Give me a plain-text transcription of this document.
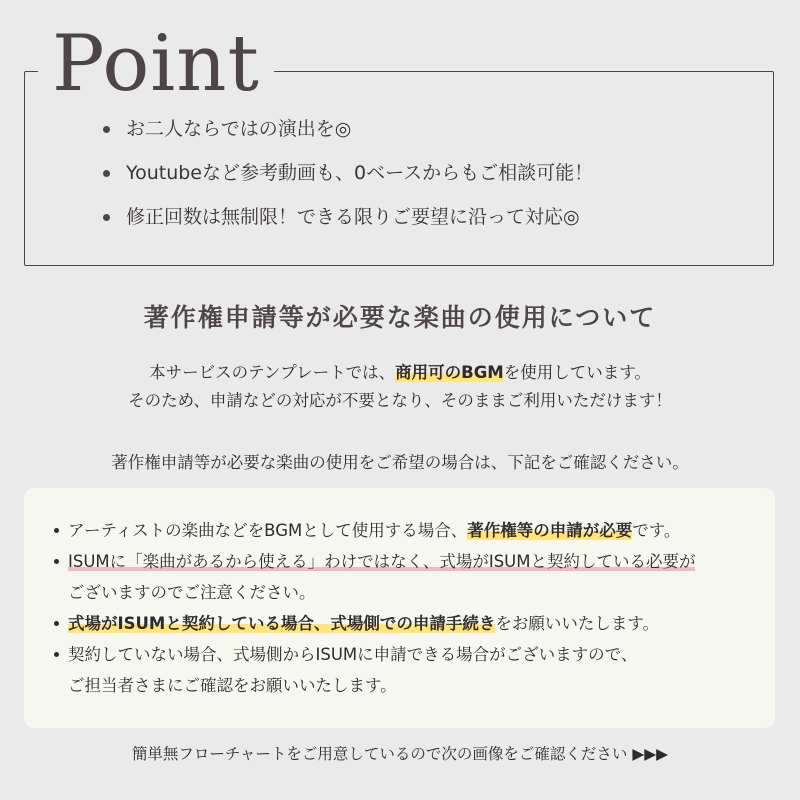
Point
お二人ならではの演出を◎
Youtubeなど参考動画も、0ベースからもご相談可能！
修正回数は無制限！できる限りご要望に沿って対応◎
著作権申請等が必要な楽曲の使用について
本サービスのテンプレートでは、商用可のBGMを使用しています。
そのため、申請などの対応が不要となり、そのままご利用いただけます！
著作権申請等が必要な楽曲の使用をご希望の場合は、下記をご確認ください。
アーティストの楽曲などをBGMとして使用する場合、著作権等の申請が必要です。
ISUMに「楽曲があるから使える」わけではなく、式場がISUMと契約している必要が
ございますのでご注意ください。
式場がISUMと契約している場合、式場側での申請手続きをお願いいたします。
契約していない場合、式場側からISUMに申請できる場合がございますので、
ご担当者さまにご確認をお願いいたします。
簡単無フローチャートをご用意しているので次の画像をご確認ください ▶▶▶
